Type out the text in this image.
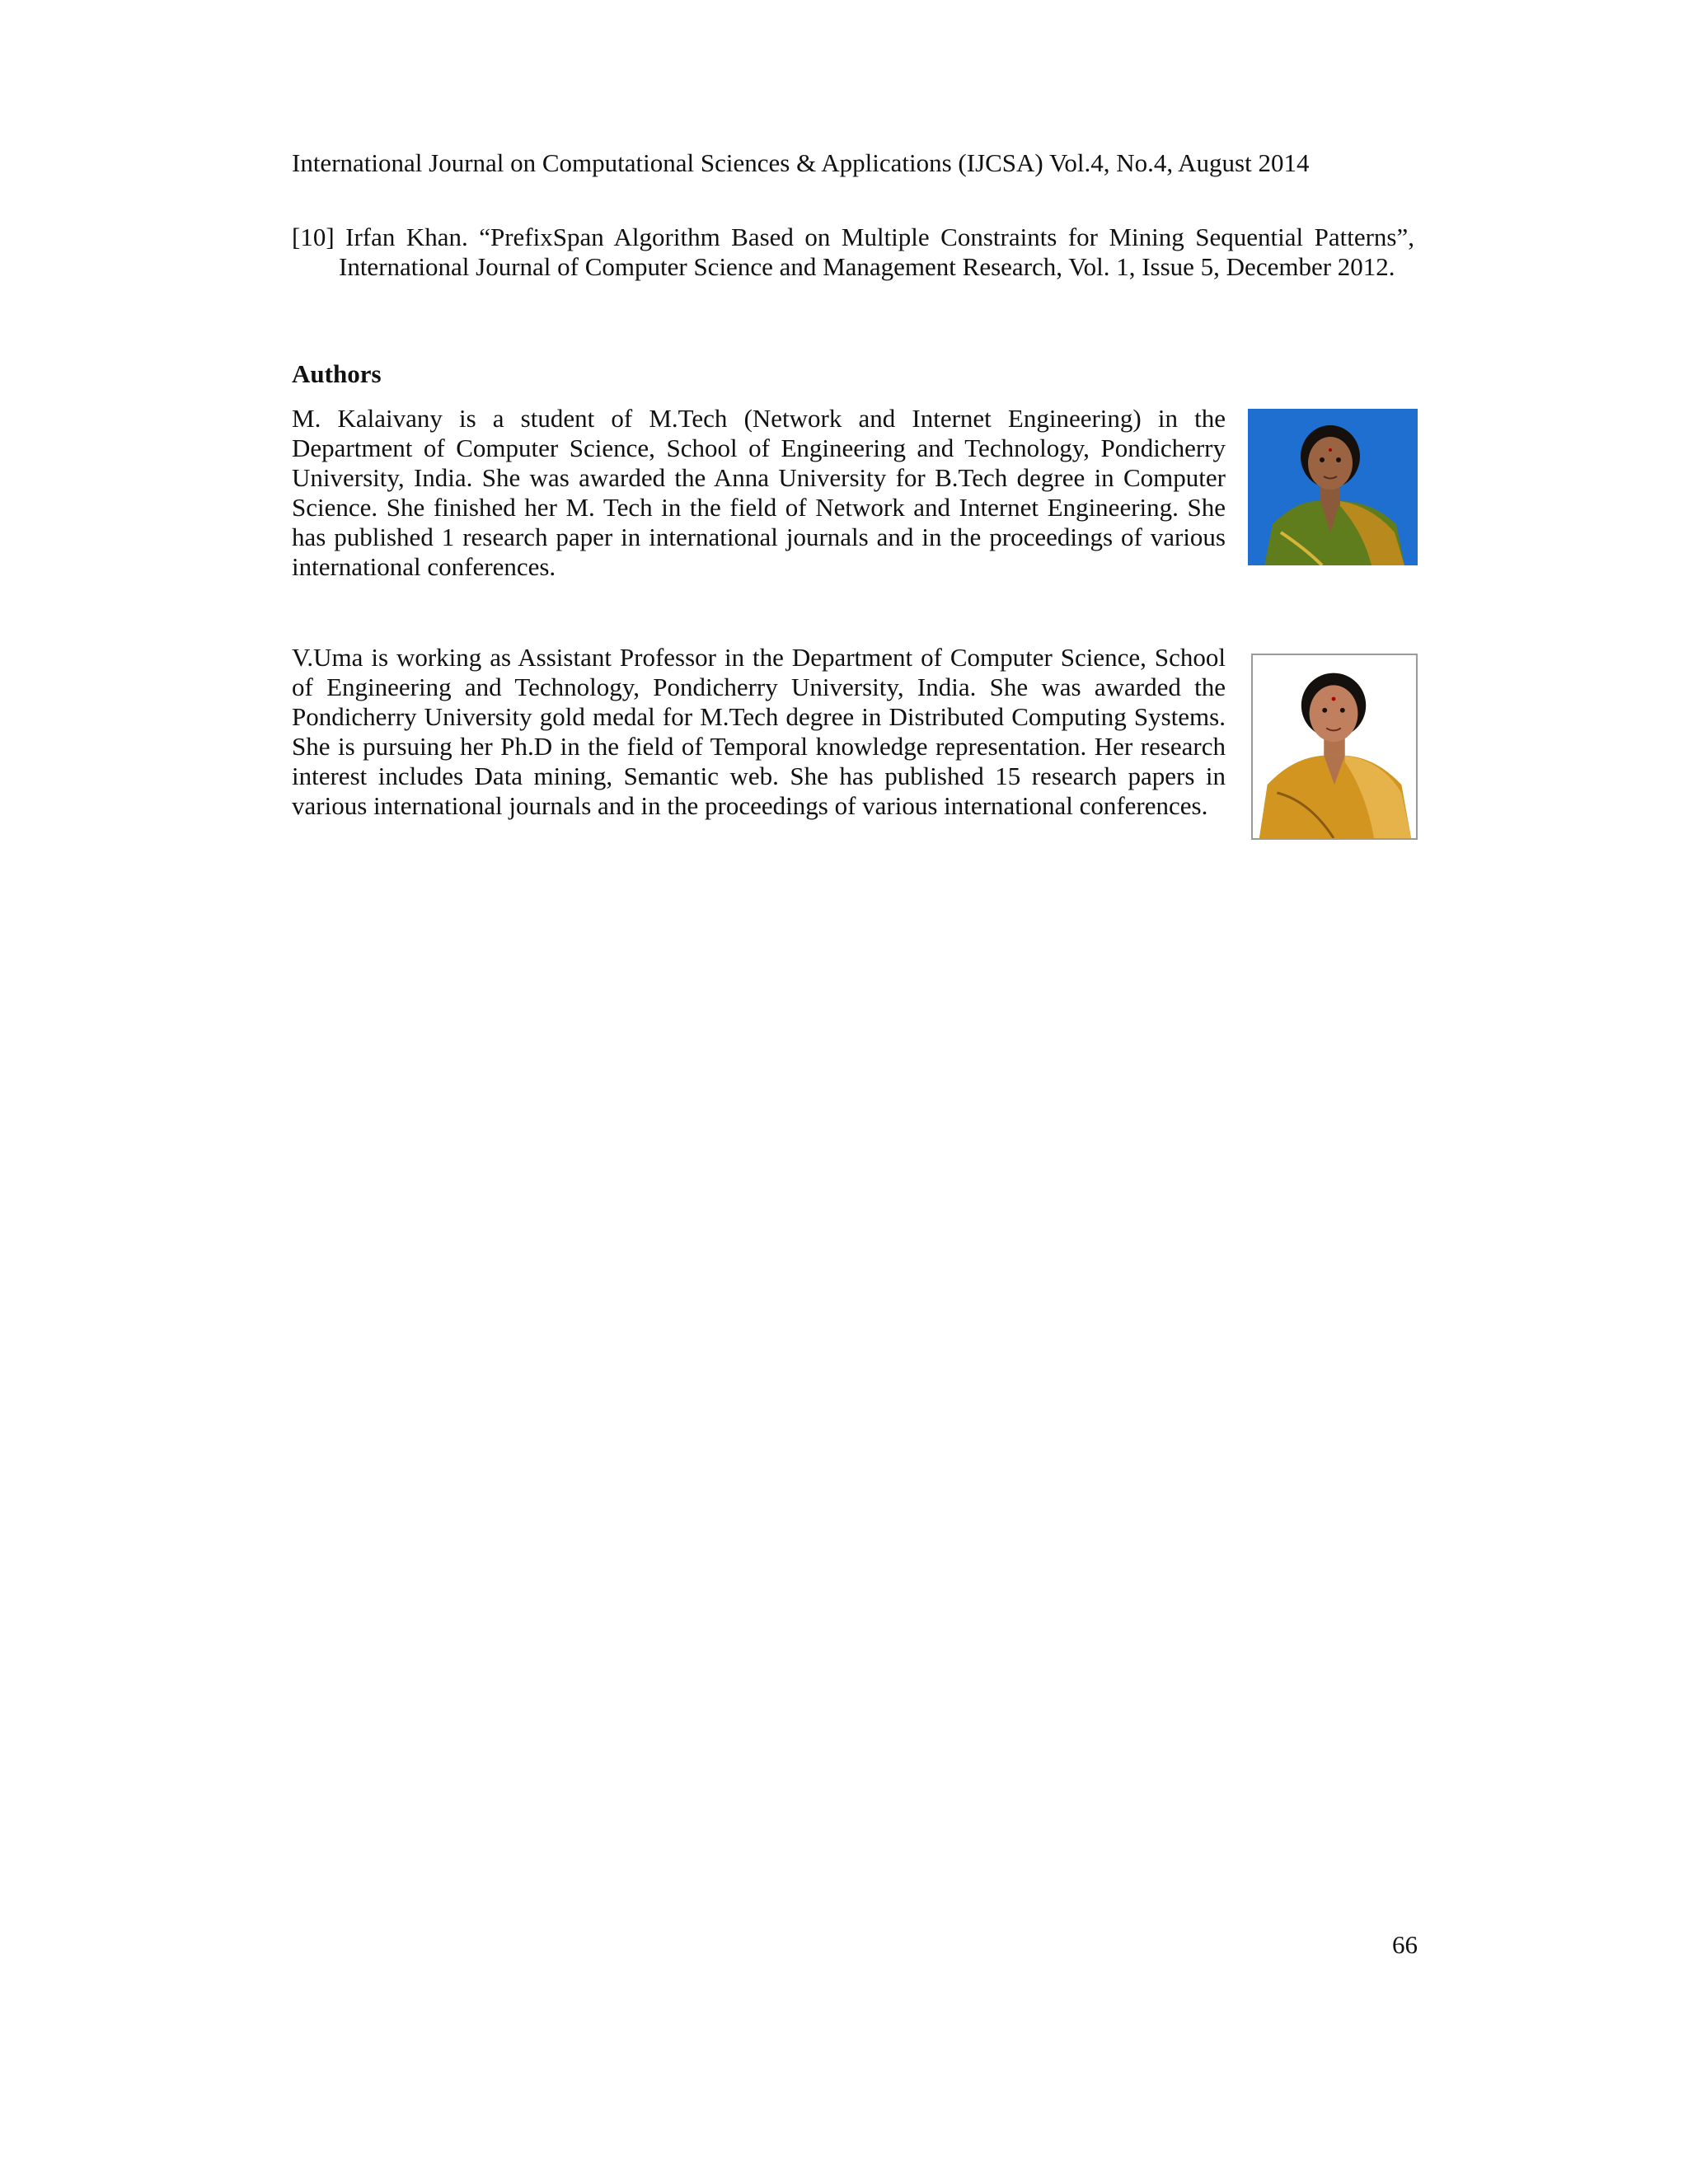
International Journal on Computational Sciences & Applications (IJCSA) Vol.4, No.4, August 2014
[10] Irfan Khan. “PrefixSpan Algorithm Based on Multiple Constraints for Mining Sequential Patterns”, International Journal of Computer Science and Management Research, Vol. 1, Issue 5, December 2012.
Authors
M. Kalaivany is a student of M.Tech (Network and Internet Engineering) in the Department of Computer Science, School of Engineering and Technology, Pondicherry University, India. She was awarded the Anna University for B.Tech degree in Computer Science. She finished her M. Tech in the field of Network and Internet Engineering. She has published 1 research paper in international journals and in the proceedings of various international conferences.
V.Uma is working as Assistant Professor in the Department of Computer Science, School of Engineering and Technology, Pondicherry University, India. She was awarded the Pondicherry University gold medal for M.Tech degree in Distributed Computing Systems. She is pursuing her Ph.D in the field of Temporal knowledge representation. Her research interest includes Data mining, Semantic web. She has published 15 research papers in various international journals and in the proceedings of various international conferences.
66
